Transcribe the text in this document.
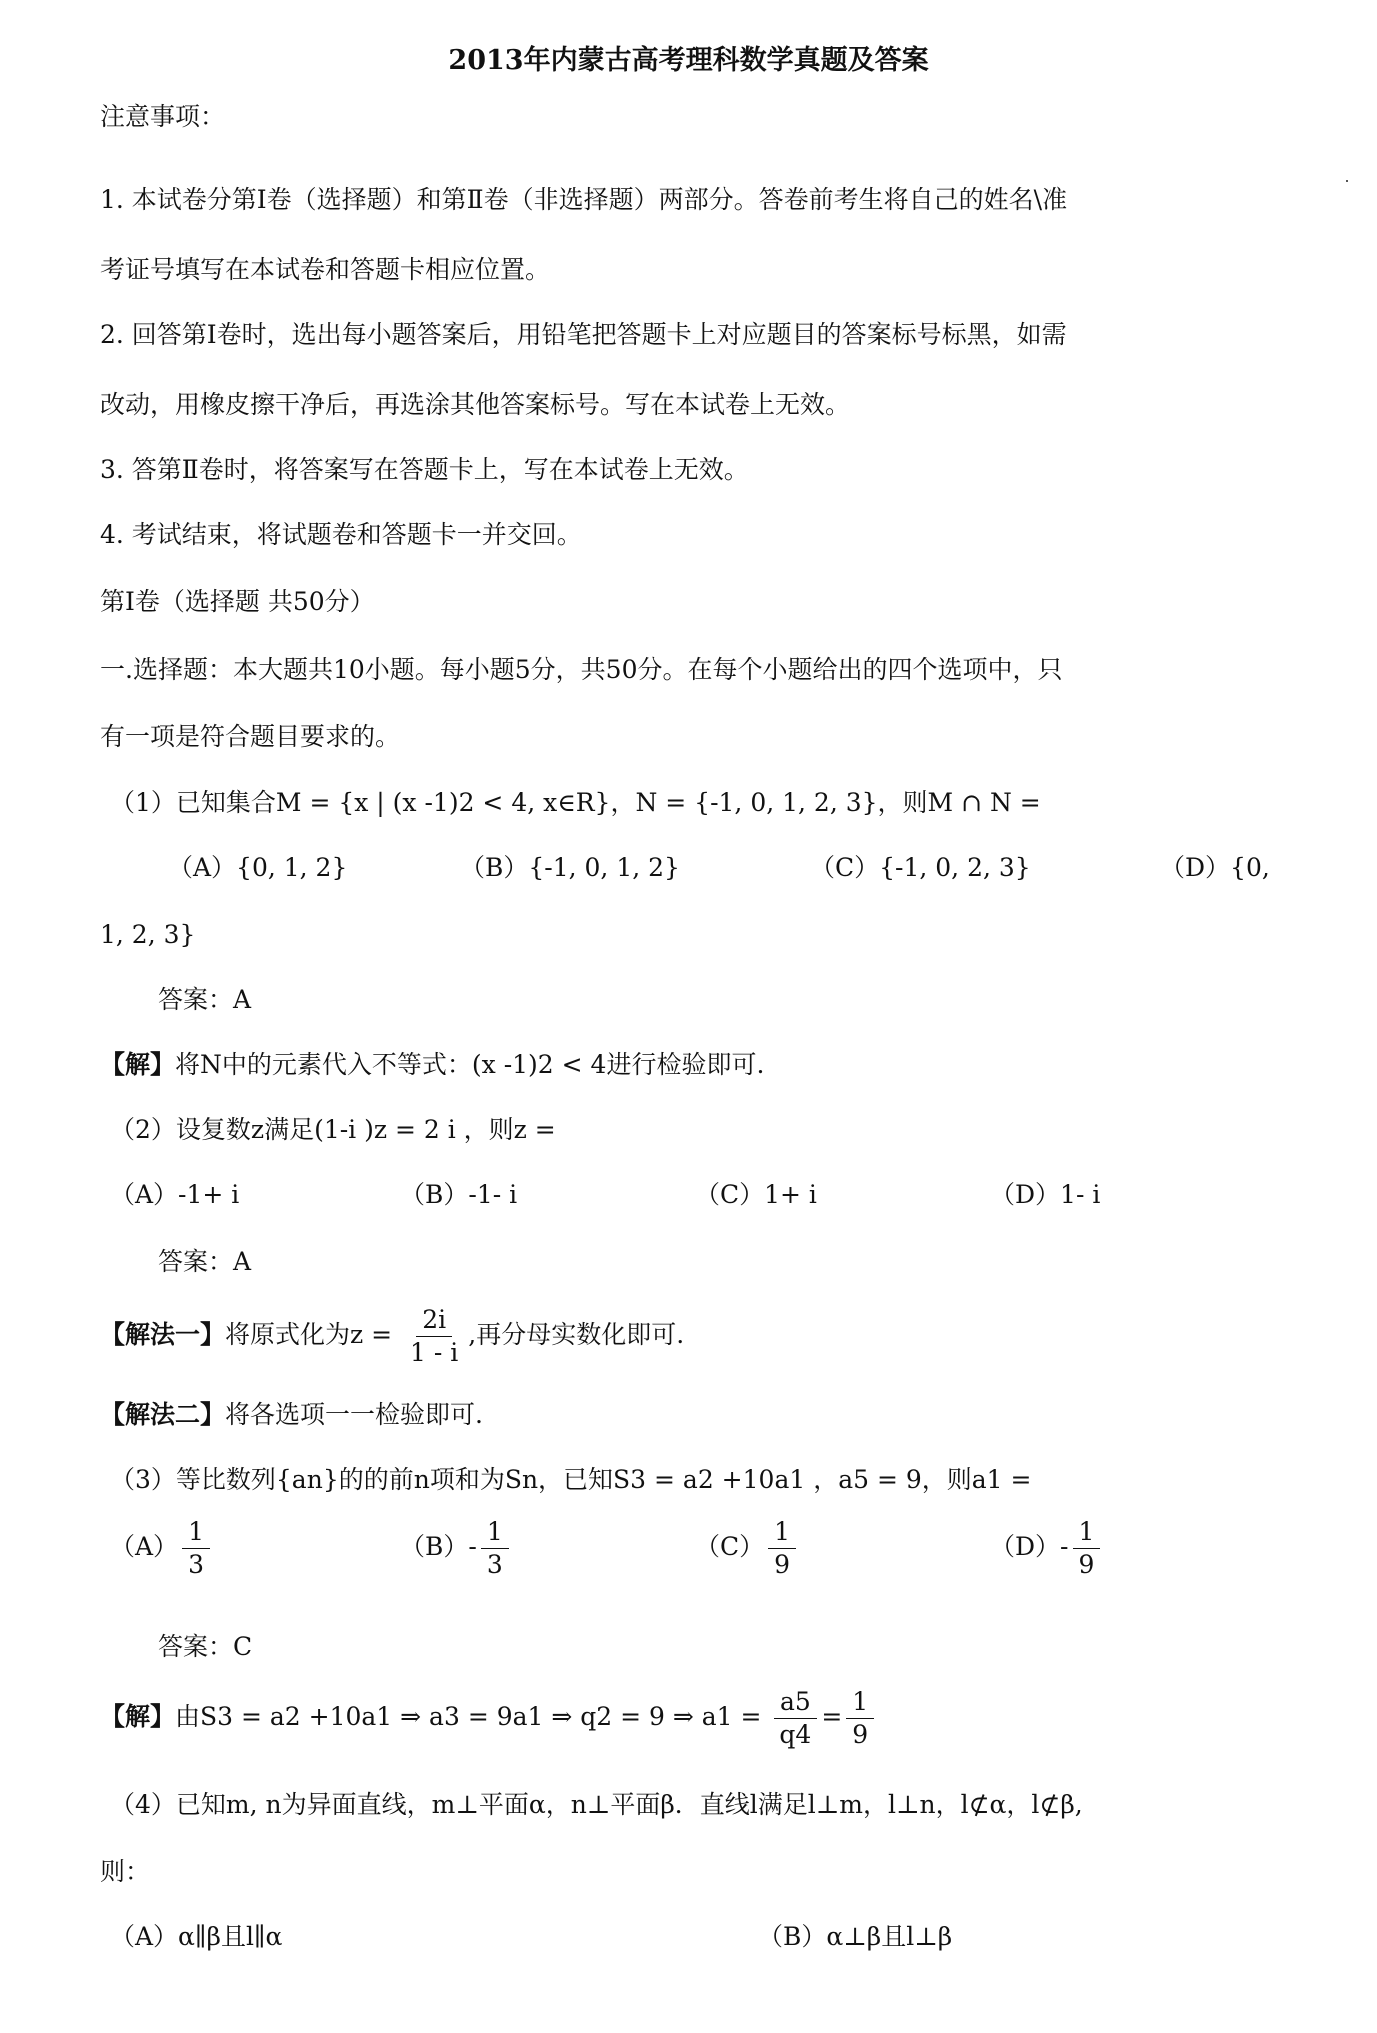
2013年内蒙古高考理科数学真题及答案
注意事项：
1. 本试卷分第Ⅰ卷（选择题）和第Ⅱ卷（非选择题）两部分。答卷前考生将自己的姓名\准
考证号填写在本试卷和答题卡相应位置。
2. 回答第Ⅰ卷时，选出每小题答案后，用铅笔把答题卡上对应题目的答案标号标黑，如需
改动，用橡皮擦干净后，再选涂其他答案标号。写在本试卷上无效。
3. 答第Ⅱ卷时，将答案写在答题卡上，写在本试卷上无效。
4. 考试结束，将试题卷和答题卡一并交回。
第Ⅰ卷（选择题 共50分）
一.选择题：本大题共10小题。每小题5分，共50分。在每个小题给出的四个选项中，只
有一项是符合题目要求的。
（1）已知集合M = {x | (x -1)2 < 4, x∈R}，N = {-1, 0, 1, 2, 3}，则M ∩ N =
（A）{0, 1, 2}	（B）{-1, 0, 1, 2}	（C）{-1, 0, 2, 3}	（D）{0,
1, 2, 3}
答案：A
【解】将N中的元素代入不等式：(x -1)2 < 4进行检验即可.
（2）设复数z满足(1-i )z = 2 i ，则z =
（A）-1+ i	（B）-1- i	（C）1+ i	（D）1- i
答案：A
【解法一】将原式化为$z = \frac{2i}{1 - i}$ ,再分母实数化即可.
【解法二】将各选项一一检验即可.
（3）等比数列{an}的的前n项和为Sn，已知S3 = a2 +10a1 ，a5 = 9，则a1 =
$(A) \frac{1}{3}$	$(B)- \frac{1}{3}$	$(C) \frac{1}{9}$	$(D)- \frac{1}{9}$
答案：C
【解】由S3 = a2 +10a1 ⇒ a3 = 9a1 ⇒ q2 = 9 ⇒ $a1 = \frac{a5}{q4} = \frac{1}{9}$
（4）已知m, n为异面直线，m⊥平面α，n⊥平面β．直线l满足l⊥m，l⊥n，l⊄α，l⊄β,
则：
（A）α∥β且l∥α	（B）α⊥β且l⊥β
